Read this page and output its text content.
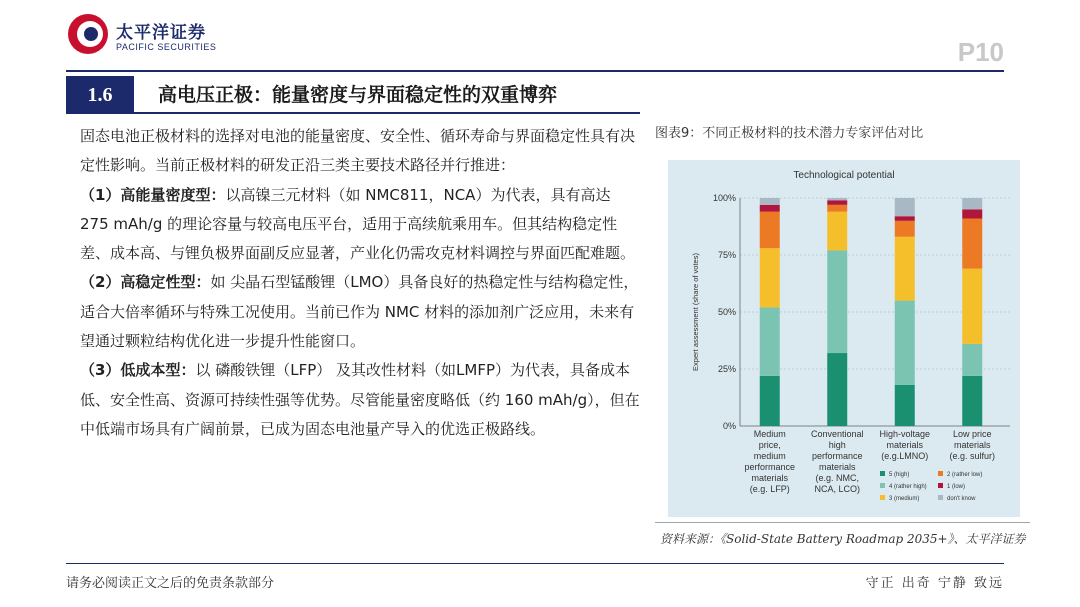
太平洋证券
PACIFIC SECURITIES	P10
1.6	高电压正极：能量密度与界面稳定性的双重博弈

固态电池正极材料的选择对电池的能量密度、安全性、循环寿命与界面稳定性具有决定性影响。当前正极材料的研发正沿三类主要技术路径并行推进：

（1）高能量密度型：以高镍三元材料（如 NMC811，NCA）为代表，具有高达 275 mAh/g 的理论容量与较高电压平台，适用于高续航乘用车。但其结构稳定性差、成本高、与锂负极界面副反应显著，产业化仍需攻克材料调控与界面匹配难题。

（2）高稳定性型：如 尖晶石型锰酸锂（LMO）具备良好的热稳定性与结构稳定性，适合大倍率循环与特殊工况使用。当前已作为 NMC 材料的添加剂广泛应用，未来有望通过颗粒结构优化进一步提升性能窗口。

（3）低成本型：以 磷酸铁锂（LFP） 及其改性材料（如LMFP）为代表，具备成本低、安全性高、资源可持续性强等优势。尽管能量密度略低（约 160 mAh/g），但在中低端市场具有广阔前景，已成为固态电池量产导入的优选正极路线。

图表9：不同正极材料的技术潜力专家评估对比
Technological potential
0%
25%
50%
75%
100%
Expert assessment (share of votes)
Medium
price,
medium
performance
materials
(e.g. LFP)
Conventional
high
performance
materials
(e.g. NMC,
NCA, LCO)
High-voltage
materials
(e.g.LMNO)
Low price
materials
(e.g. sulfur)
5 (high)
4 (rather high)
3 (medium)
2 (rather low)
1 (low)
don't know
资料来源：《Solid-State Battery Roadmap 2035+》、太平洋证券
请务必阅读正文之后的免责条款部分	守正 出奇 宁静 致远
